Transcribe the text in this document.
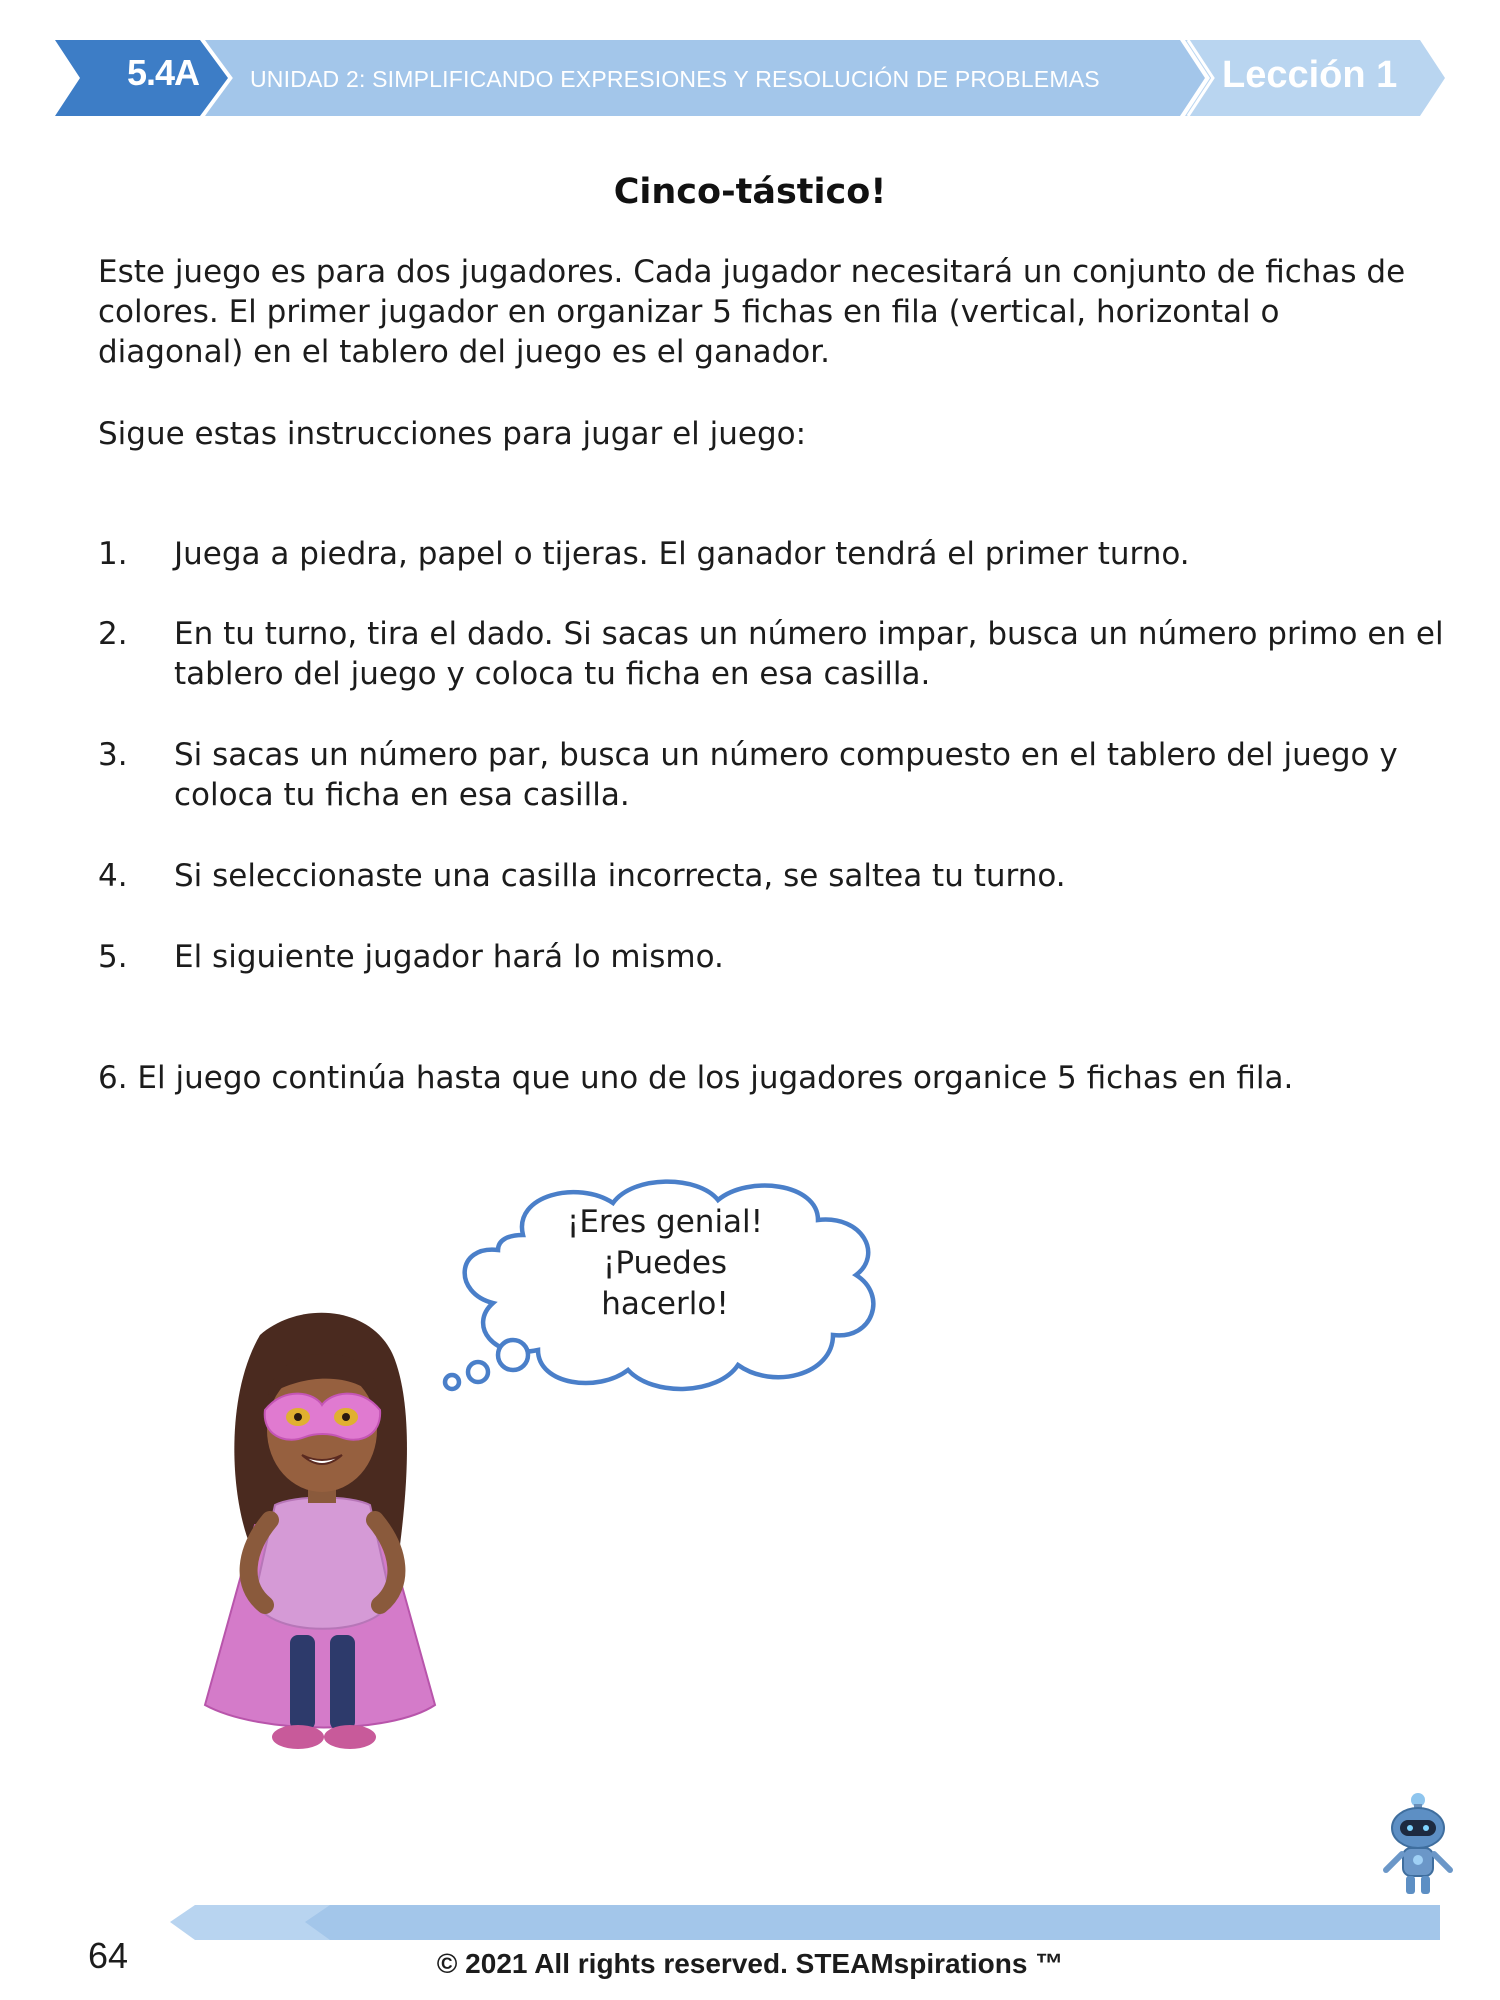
5.4A	UNIDAD 2: SIMPLIFICANDO EXPRESIONES Y RESOLUCIÓN DE PROBLEMAS	Lección 1
Cinco-tástico!

Este juego es para dos jugadores. Cada jugador necesitará un conjunto de fichas de colores. El primer jugador en organizar 5 fichas en fila (vertical, horizontal o diagonal) en el tablero del juego es el ganador.

Sigue estas instrucciones para jugar el juego:

1. Juega a piedra, papel o tijeras. El ganador tendrá el primer turno.
2. En tu turno, tira el dado. Si sacas un número impar, busca un número primo en el tablero del juego y coloca tu ficha en esa casilla.
3. Si sacas un número par, busca un número compuesto en el tablero del juego y coloca tu ficha en esa casilla.
4. Si seleccionaste una casilla incorrecta, se saltea tu turno.
5. El siguiente jugador hará lo mismo.
6. El juego continúa hasta que uno de los jugadores organice 5 fichas en fila.
¡Eres genial!
¡Puedes
hacerlo!
64	© 2021 All rights reserved. STEAMspirations ™
